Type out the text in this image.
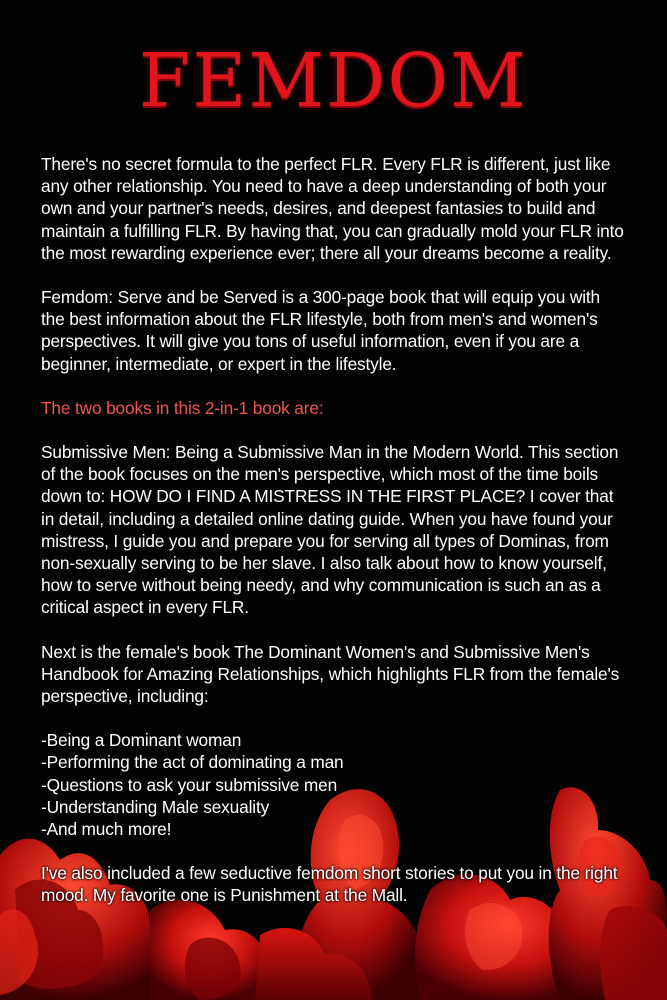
FEMDOM

There's no secret formula to the perfect FLR. Every FLR is different, just like any other relationship. You need to have a deep understanding of both your own and your partner's needs, desires, and deepest fantasies to build and maintain a fulfilling FLR. By having that, you can gradually mold your FLR into the most rewarding experience ever; there all your dreams become a reality.

Femdom: Serve and be Served is a 300-page book that will equip you with the best information about the FLR lifestyle, both from men's and women's perspectives. It will give you tons of useful information, even if you are a beginner, intermediate, or expert in the lifestyle.

The two books in this 2-in-1 book are:

Submissive Men: Being a Submissive Man in the Modern World. This section of the book focuses on the men's perspective, which most of the time boils down to: HOW DO I FIND A MISTRESS IN THE FIRST PLACE? I cover that in detail, including a detailed online dating guide. When you have found your mistress, I guide you and prepare you for serving all types of Dominas, from non-sexually serving to be her slave. I also talk about how to know yourself, how to serve without being needy, and why communication is such an as a critical aspect in every FLR.

Next is the female's book The Dominant Women's and Submissive Men's Handbook for Amazing Relationships, which highlights FLR from the female's perspective, including:

-Being a Dominant woman
-Performing the act of dominating a man
-Questions to ask your submissive men
-Understanding Male sexuality
-And much more!

I've also included a few seductive femdom short stories to put you in the right mood. My favorite one is Punishment at the Mall.
